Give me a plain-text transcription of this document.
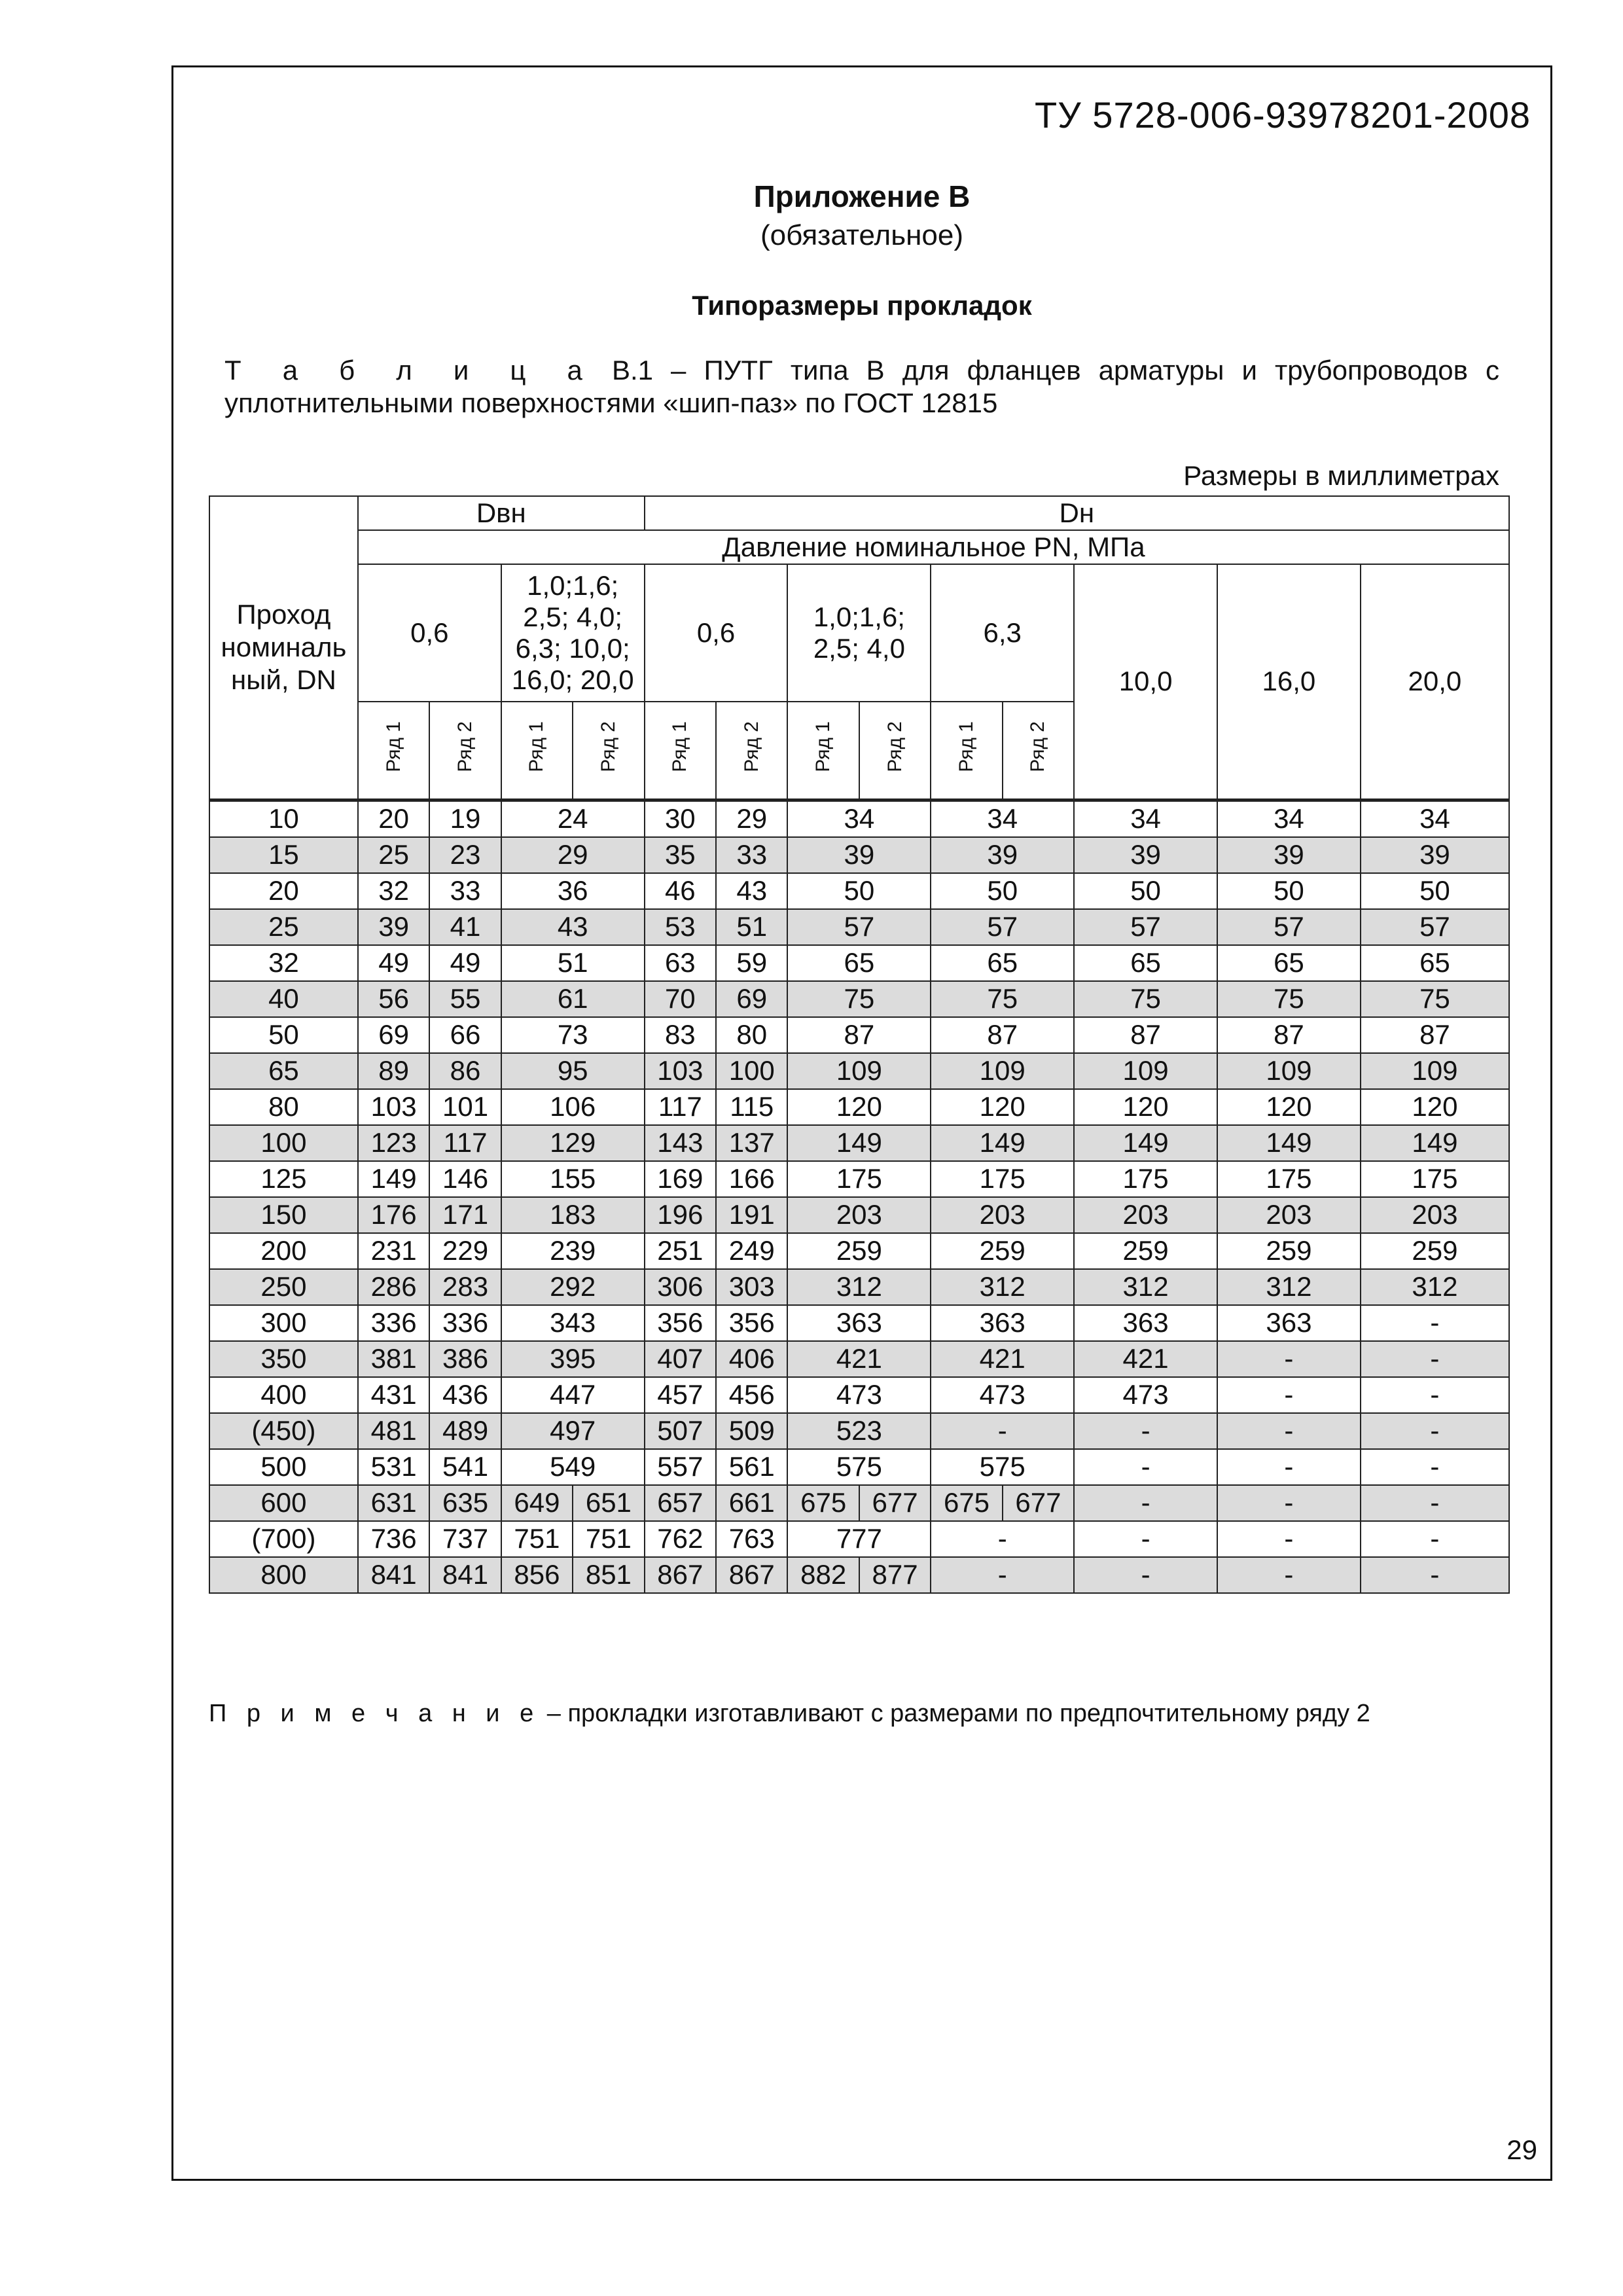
ТУ 5728-006-93978201-2008
Приложение В
(обязательное)
Типоразмеры прокладок
Т а б л и ц а В.1 – ПУТГ типа В для фланцев арматуры и трубопроводов с уплотнительными поверхностями «шип-паз» по ГОСТ 12815
Размеры в миллиметрах
Проход номиналь ный, DN	Dвн				Dн								
	Давление номинальное PN, МПа												
	0,6		1,0;1,6; 2,5; 4,0; 6,3; 10,0; 16,0; 20,0		0,6		1,0;1,6; 2,5; 4,0		6,3		10,0	16,0	20,0
	Ряд 1	Ряд 2	Ряд 1	Ряд 2	Ряд 1	Ряд 2	Ряд 1	Ряд 2	Ряд 1	Ряд 2			
10	20	19	24		30	29	34		34		34	34	34
15	25	23	29		35	33	39		39		39	39	39
20	32	33	36		46	43	50		50		50	50	50
25	39	41	43		53	51	57		57		57	57	57
32	49	49	51		63	59	65		65		65	65	65
40	56	55	61		70	69	75		75		75	75	75
50	69	66	73		83	80	87		87		87	87	87
65	89	86	95		103	100	109		109		109	109	109
80	103	101	106		117	115	120		120		120	120	120
100	123	117	129		143	137	149		149		149	149	149
125	149	146	155		169	166	175		175		175	175	175
150	176	171	183		196	191	203		203		203	203	203
200	231	229	239		251	249	259		259		259	259	259
250	286	283	292		306	303	312		312		312	312	312
300	336	336	343		356	356	363		363		363	363	-
350	381	386	395		407	406	421		421		421	-	-
400	431	436	447		457	456	473		473		473	-	-
(450)	481	489	497		507	509	523		-		-	-	-
500	531	541	549		557	561	575		575		-	-	-
600	631	635	649	651	657	661	675	677	675	677	-	-	-
(700)	736	737	751	751	762	763	777		-		-	-	-
800	841	841	856	851	867	867	882	877	-		-	-	-
П р и м е ч а н и е – прокладки изготавливают с размерами по предпочтительному ряду 2
29
